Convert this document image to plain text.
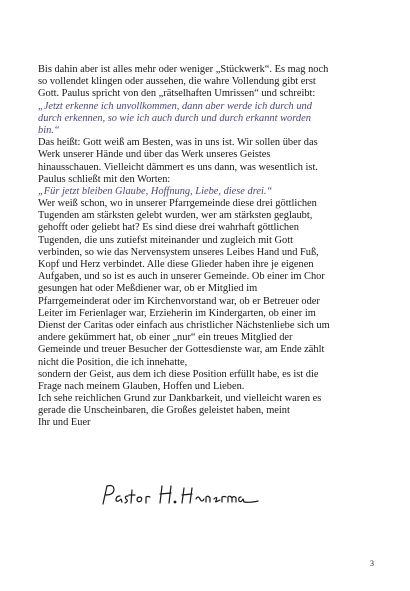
Bis dahin aber ist alles mehr oder weniger „Stückwerk“. Es mag noch
so vollendet klingen oder aussehen, die wahre Vollendung gibt erst
Gott. Paulus spricht von den „rätselhaften Umrissen“ und schreibt:
„Jetzt erkenne ich unvollkommen, dann aber werde ich durch und
durch erkennen, so wie ich auch durch und durch erkannt worden
bin.“
Das heißt: Gott weiß am Besten, was in uns ist. Wir sollen über das
Werk unserer Hände und über das Werk unseres Geistes
hinausschauen. Vielleicht dämmert es uns dann, was wesentlich ist.
Paulus schließt mit den Worten:
„Für jetzt bleiben Glaube, Hoffnung, Liebe, diese drei.“
Wer weiß schon, wo in unserer Pfarrgemeinde diese drei göttlichen
Tugenden am stärksten gelebt wurden, wer am stärksten geglaubt,
gehofft oder geliebt hat? Es sind diese drei wahrhaft göttlichen
Tugenden, die uns zutiefst miteinander und zugleich mit Gott
verbinden, so wie das Nervensystem unseres Leibes Hand und Fuß,
Kopf und Herz verbindet. Alle diese Glieder haben ihre je eigenen
Aufgaben, und so ist es auch in unserer Gemeinde. Ob einer im Chor
gesungen hat oder Meßdiener war, ob er Mitglied im
Pfarrgemeinderat oder im Kirchenvorstand war, ob er Betreuer oder
Leiter im Ferienlager war, Erzieherin im Kindergarten, ob einer im
Dienst der Caritas oder einfach aus christlicher Nächstenliebe sich um
andere gekümmert hat, ob einer „nur“ ein treues Mitglied der
Gemeinde und treuer Besucher der Gottesdienste war, am Ende zählt
nicht die Position, die ich innehatte,
sondern der Geist, aus dem ich diese Position erfüllt habe, es ist die
Frage nach meinem Glauben, Hoffen und Lieben.
Ich sehe reichlichen Grund zur Dankbarkeit, und vielleicht waren es
gerade die Unscheinbaren, die Großes geleistet haben, meint
Ihr und Euer
3
